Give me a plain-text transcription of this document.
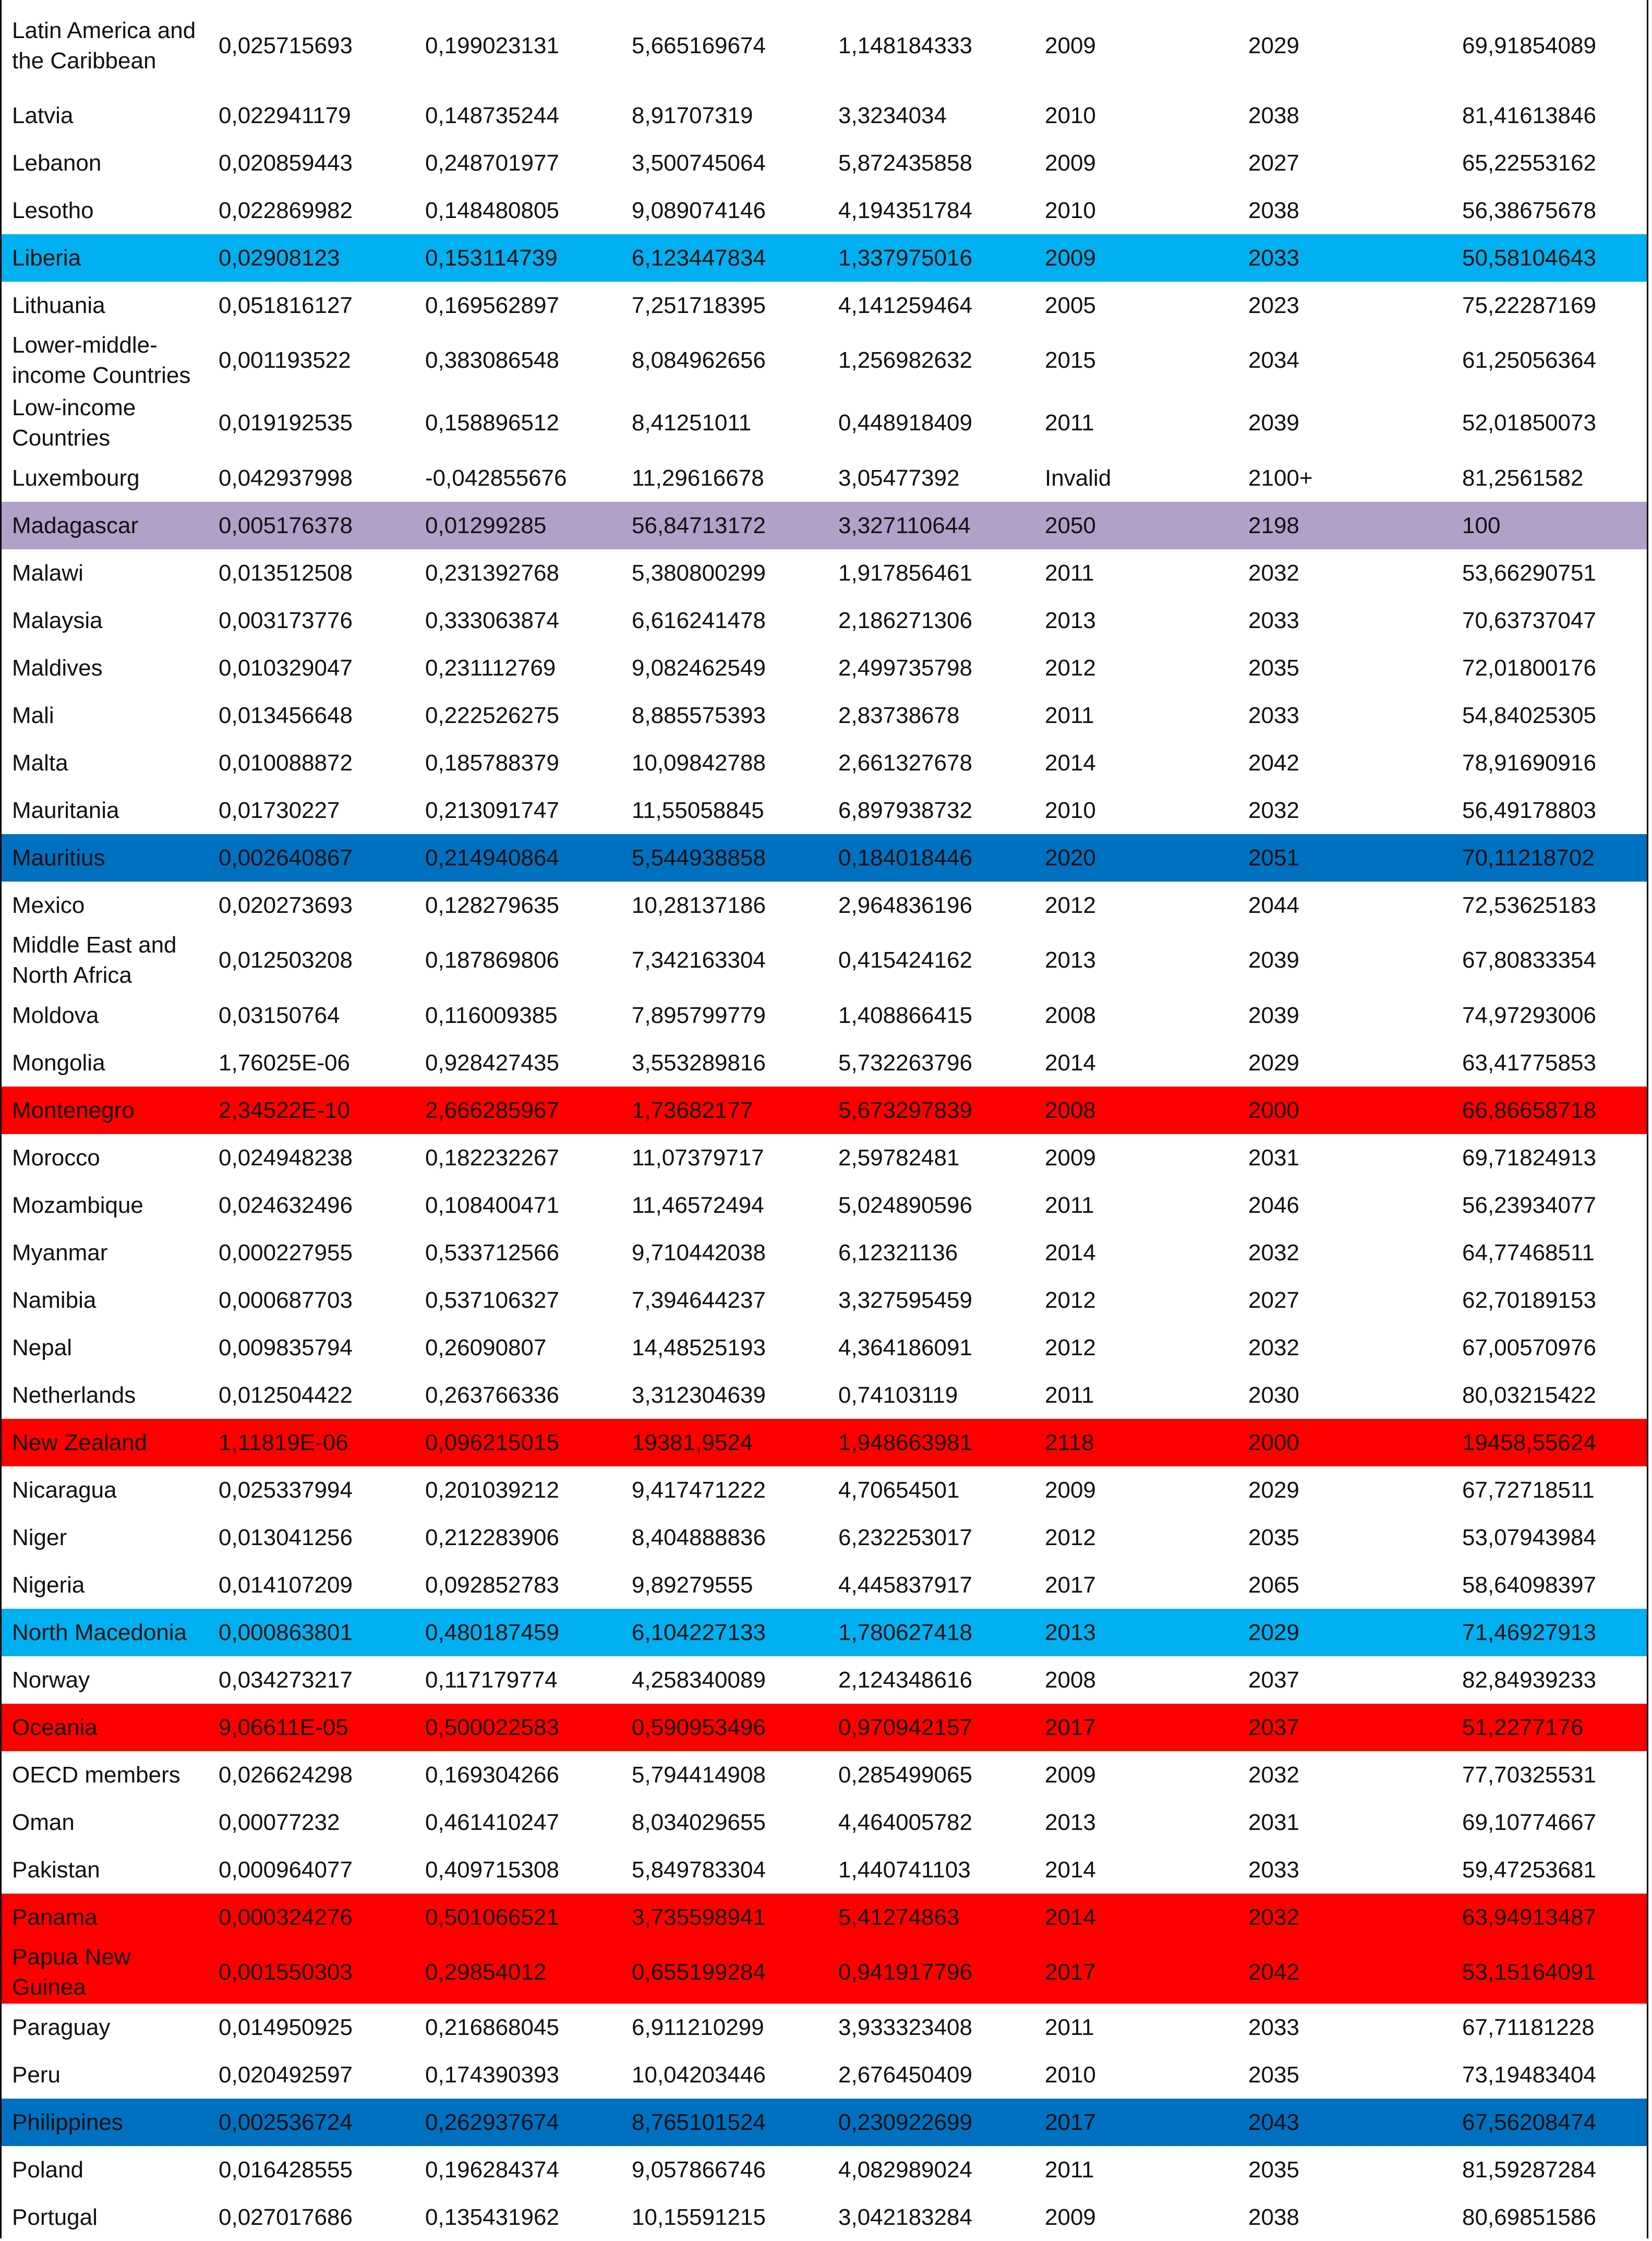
Latin America and the Caribbean	0,025715693	0,199023131	5,665169674	1,148184333	2009	2029	69,91854089
Latvia	0,022941179	0,148735244	8,91707319	3,3234034	2010	2038	81,41613846
Lebanon	0,020859443	0,248701977	3,500745064	5,872435858	2009	2027	65,22553162
Lesotho	0,022869982	0,148480805	9,089074146	4,194351784	2010	2038	56,38675678
Liberia	0,02908123	0,153114739	6,123447834	1,337975016	2009	2033	50,58104643
Lithuania	0,051816127	0,169562897	7,251718395	4,141259464	2005	2023	75,22287169
Lower-middle-income Countries	0,001193522	0,383086548	8,084962656	1,256982632	2015	2034	61,25056364
Low-income Countries	0,019192535	0,158896512	8,41251011	0,448918409	2011	2039	52,01850073
Luxembourg	0,042937998	-0,042855676	11,29616678	3,05477392	Invalid	2100+	81,2561582
Madagascar	0,005176378	0,01299285	56,84713172	3,327110644	2050	2198	100
Malawi	0,013512508	0,231392768	5,380800299	1,917856461	2011	2032	53,66290751
Malaysia	0,003173776	0,333063874	6,616241478	2,186271306	2013	2033	70,63737047
Maldives	0,010329047	0,231112769	9,082462549	2,499735798	2012	2035	72,01800176
Mali	0,013456648	0,222526275	8,885575393	2,83738678	2011	2033	54,84025305
Malta	0,010088872	0,185788379	10,09842788	2,661327678	2014	2042	78,91690916
Mauritania	0,01730227	0,213091747	11,55058845	6,897938732	2010	2032	56,49178803
Mauritius	0,002640867	0,214940864	5,544938858	0,184018446	2020	2051	70,11218702
Mexico	0,020273693	0,128279635	10,28137186	2,964836196	2012	2044	72,53625183
Middle East and North Africa	0,012503208	0,187869806	7,342163304	0,415424162	2013	2039	67,80833354
Moldova	0,03150764	0,116009385	7,895799779	1,408866415	2008	2039	74,97293006
Mongolia	1,76025E-06	0,928427435	3,553289816	5,732263796	2014	2029	63,41775853
Montenegro	2,34522E-10	2,666285967	1,73682177	5,673297839	2008	2000	66,86658718
Morocco	0,024948238	0,182232267	11,07379717	2,59782481	2009	2031	69,71824913
Mozambique	0,024632496	0,108400471	11,46572494	5,024890596	2011	2046	56,23934077
Myanmar	0,000227955	0,533712566	9,710442038	6,12321136	2014	2032	64,77468511
Namibia	0,000687703	0,537106327	7,394644237	3,327595459	2012	2027	62,70189153
Nepal	0,009835794	0,26090807	14,48525193	4,364186091	2012	2032	67,00570976
Netherlands	0,012504422	0,263766336	3,312304639	0,74103119	2011	2030	80,03215422
New Zealand	1,11819E-06	0,096215015	19381,9524	1,948663981	2118	2000	19458,55624
Nicaragua	0,025337994	0,201039212	9,417471222	4,70654501	2009	2029	67,72718511
Niger	0,013041256	0,212283906	8,404888836	6,232253017	2012	2035	53,07943984
Nigeria	0,014107209	0,092852783	9,89279555	4,445837917	2017	2065	58,64098397
North Macedonia	0,000863801	0,480187459	6,104227133	1,780627418	2013	2029	71,46927913
Norway	0,034273217	0,117179774	4,258340089	2,124348616	2008	2037	82,84939233
Oceania	9,06611E-05	0,500022583	0,590953496	0,970942157	2017	2037	51,2277176
OECD members	0,026624298	0,169304266	5,794414908	0,285499065	2009	2032	77,70325531
Oman	0,00077232	0,461410247	8,034029655	4,464005782	2013	2031	69,10774667
Pakistan	0,000964077	0,409715308	5,849783304	1,440741103	2014	2033	59,47253681
Panama	0,000324276	0,501066521	3,735598941	5,41274863	2014	2032	63,94913487
Papua New Guinea	0,001550303	0,29854012	0,655199284	0,941917796	2017	2042	53,15164091
Paraguay	0,014950925	0,216868045	6,911210299	3,933323408	2011	2033	67,71181228
Peru	0,020492597	0,174390393	10,04203446	2,676450409	2010	2035	73,19483404
Philippines	0,002536724	0,262937674	8,765101524	0,230922699	2017	2043	67,56208474
Poland	0,016428555	0,196284374	9,057866746	4,082989024	2011	2035	81,59287284
Portugal	0,027017686	0,135431962	10,15591215	3,042183284	2009	2038	80,69851586
